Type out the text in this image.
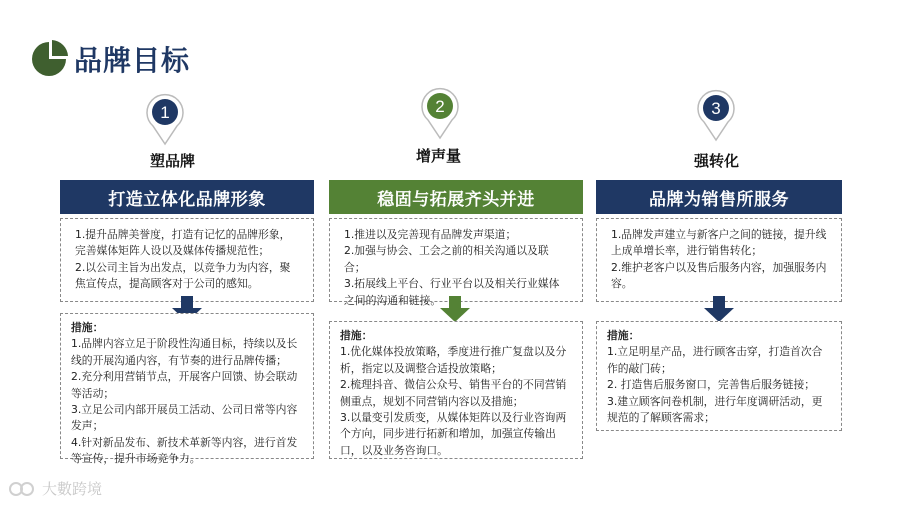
品牌目标
1
塑品牌
打造立体化品牌形象

1.提升品牌美誉度，打造有记忆的品牌形象，完善媒体矩阵人设以及媒体传播规范性；

2.以公司主旨为出发点，以竞争力为内容，聚焦宣传点，提高顾客对于公司的感知。

措施：

1.品牌内容立足于阶段性沟通目标，持续以及长线的开展沟通内容，有节奏的进行品牌传播；

2.充分利用营销节点，开展客户回馈、协会联动等活动；

3.立足公司内部开展员工活动、公司日常等内容发声；

4.针对新品发布、新技术革新等内容，进行首发等宣传，提升市场竞争力。

2
增声量
稳固与拓展齐头并进

1.推进以及完善现有品牌发声渠道；

2.加强与协会、工会之前的相关沟通以及联合；

3.拓展线上平台、行业平台以及相关行业媒体之间的沟通和链接。

措施：

1.优化媒体投放策略，季度进行推广复盘以及分析，指定以及调整合适投放策略；

2.梳理抖音、微信公众号、销售平台的不同营销侧重点，规划不同营销内容以及措施；

3.以量变引发质变，从媒体矩阵以及行业咨询两个方向，同步进行拓新和增加，加强宣传输出口，以及业务咨询口。

3
强转化
品牌为销售所服务

1.品牌发声建立与新客户之间的链接，提升线上成单增长率，进行销售转化；

2.维护老客户以及售后服务内容，加强服务内容。

措施：

1.立足明星产品，进行顾客击穿，打造首次合作的敲门砖；

2. 打造售后服务窗口，完善售后服务链接；

3.建立顾客问卷机制，进行年度调研活动，更规范的了解顾客需求；

大數跨境
